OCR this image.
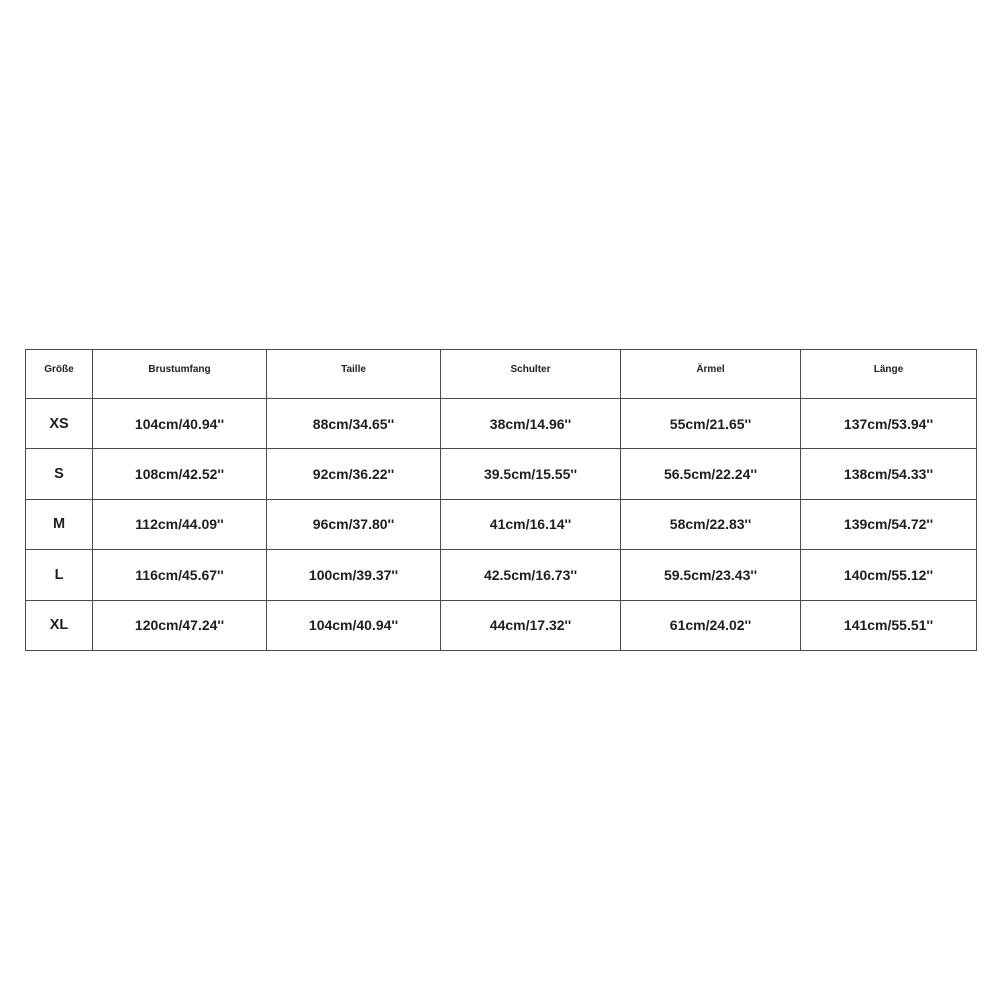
Größe	Brustumfang	Taille	Schulter	Ärmel	Länge
XS	104cm/40.94''	88cm/34.65''	38cm/14.96''	55cm/21.65''	137cm/53.94''
S	108cm/42.52''	92cm/36.22''	39.5cm/15.55''	56.5cm/22.24''	138cm/54.33''
M	112cm/44.09''	96cm/37.80''	41cm/16.14''	58cm/22.83''	139cm/54.72''
L	116cm/45.67''	100cm/39.37''	42.5cm/16.73''	59.5cm/23.43''	140cm/55.12''
XL	120cm/47.24''	104cm/40.94''	44cm/17.32''	61cm/24.02''	141cm/55.51''
